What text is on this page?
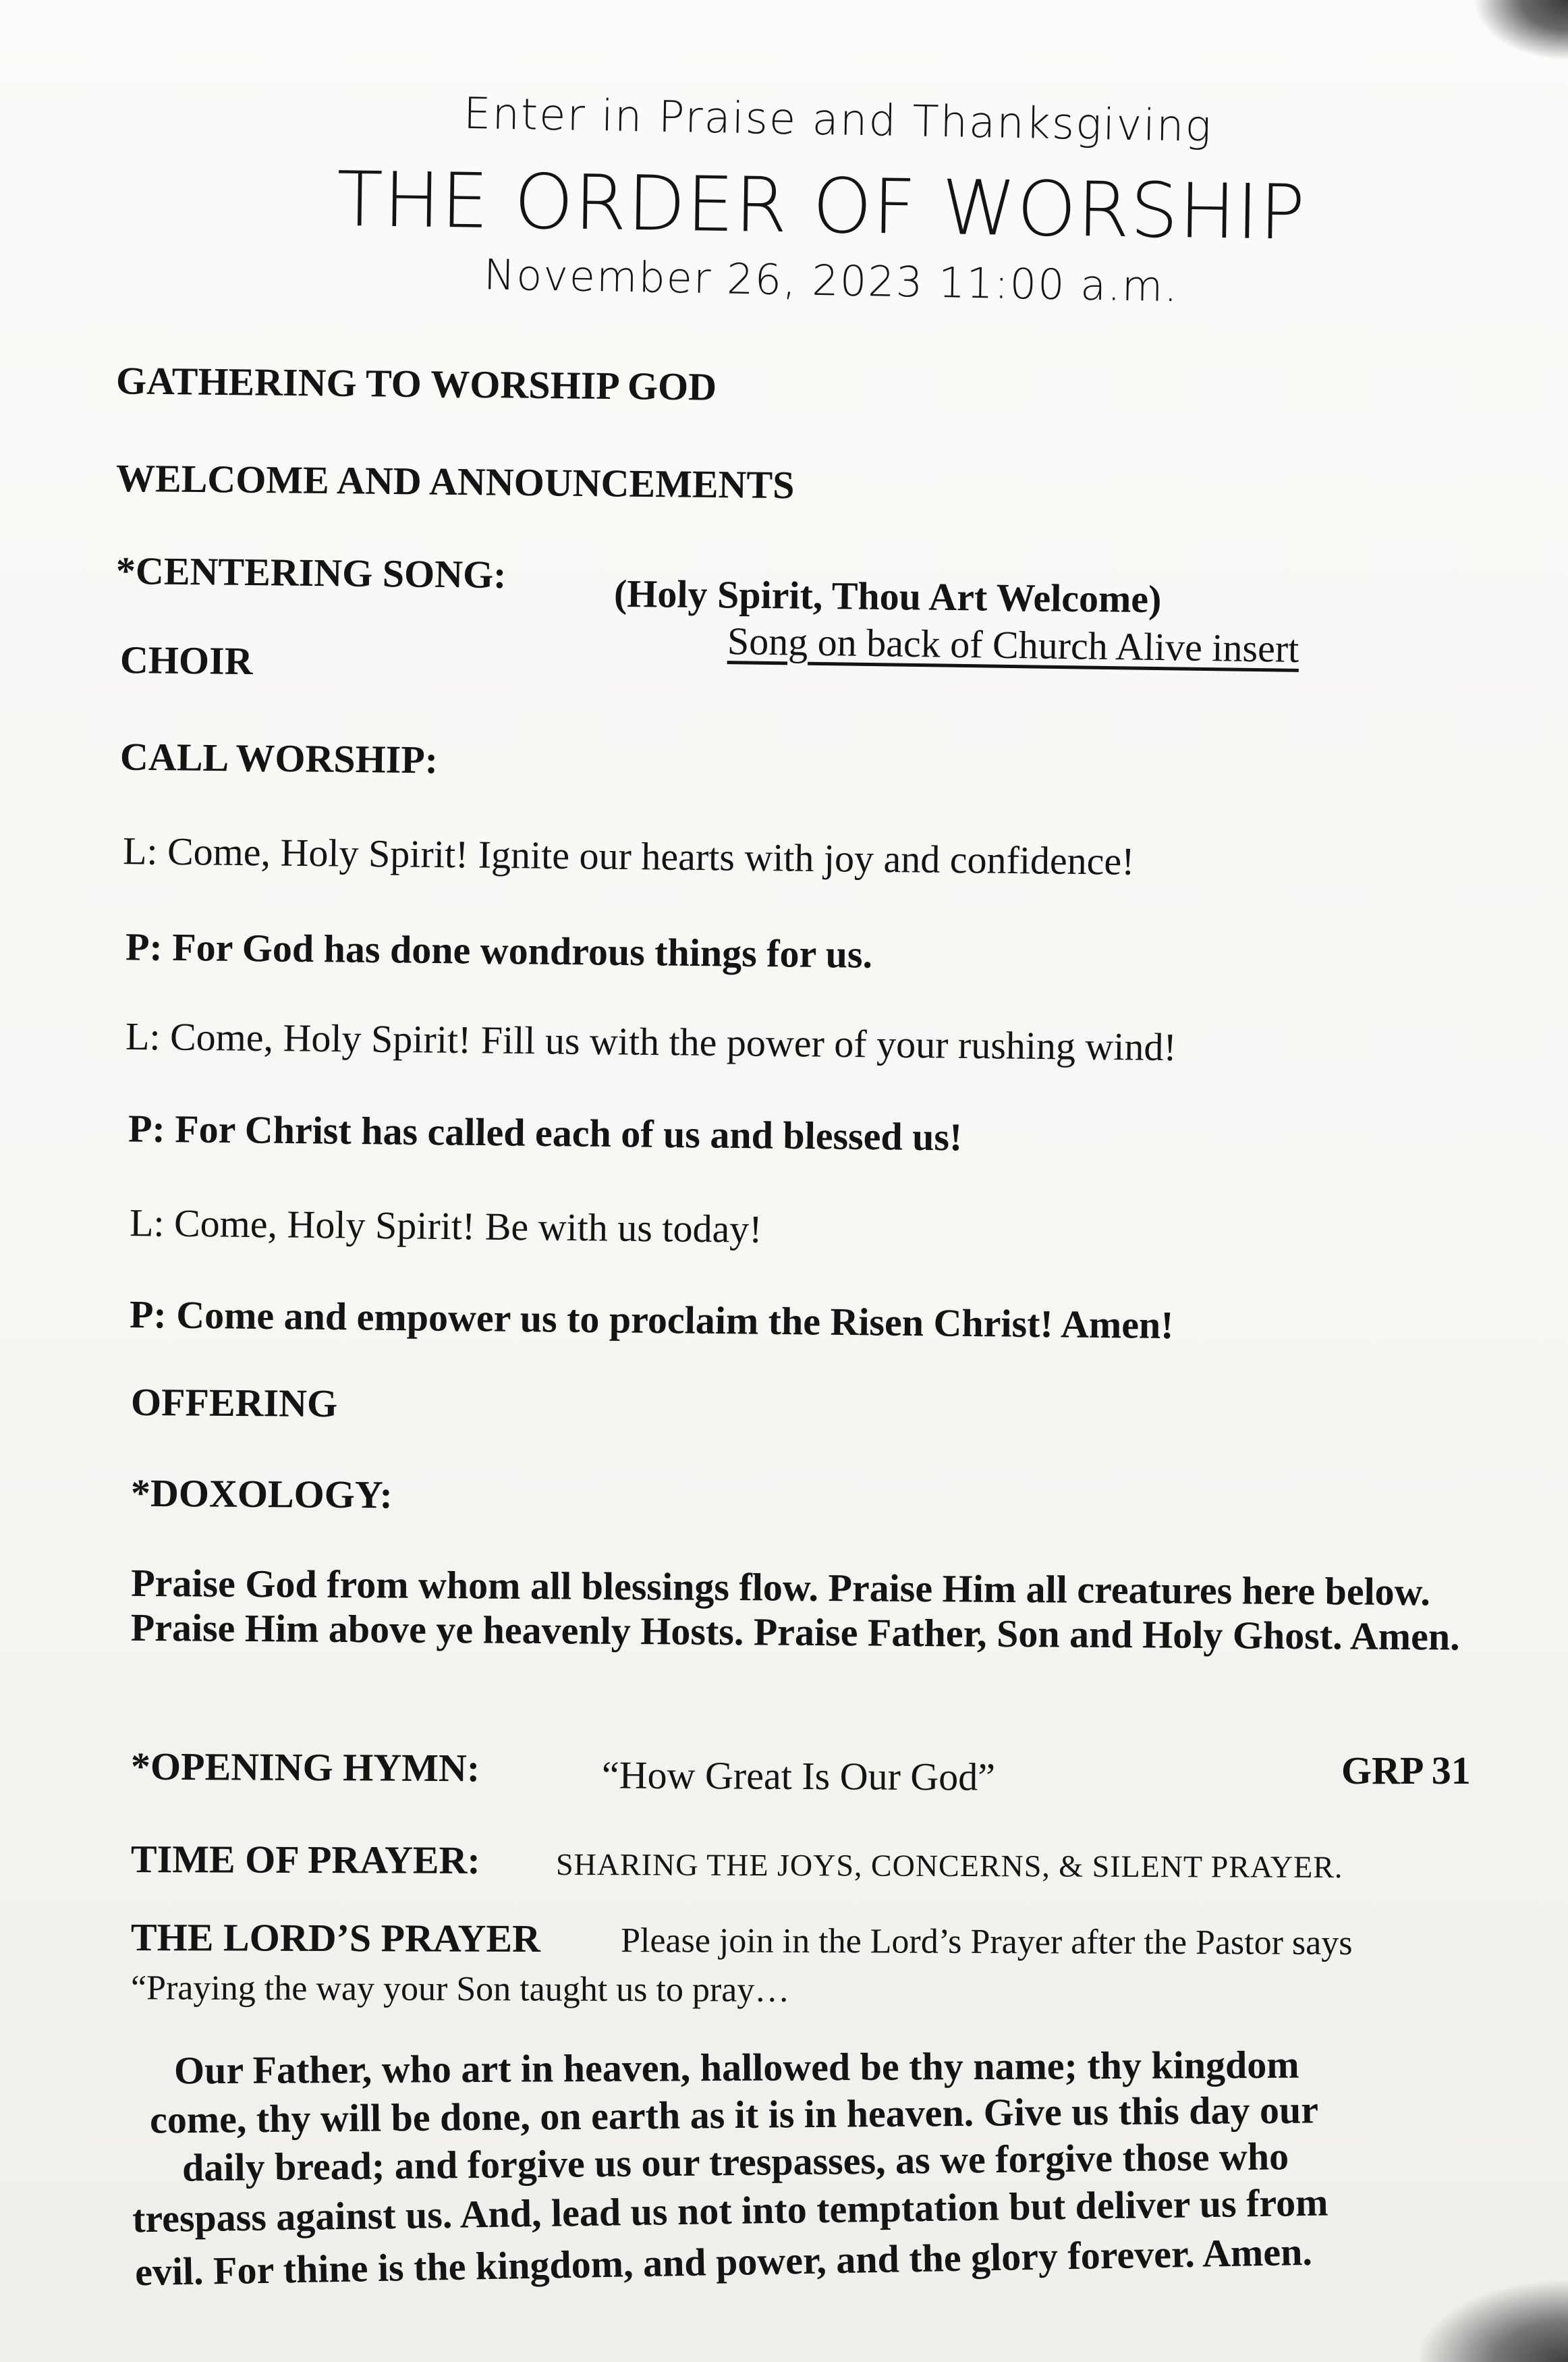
Enter in Praise and Thanksgiving
THE ORDER OF WORSHIP
November 26, 2023 11:00 a.m.
GATHERING TO WORSHIP GOD
WELCOME AND ANNOUNCEMENTS
*CENTERING SONG:	(Holy Spirit, Thou Art Welcome)
CHOIR	Song on back of Church Alive insert
CALL WORSHIP:
L: Come, Holy Spirit! Ignite our hearts with joy and confidence!
P: For God has done wondrous things for us.
L: Come, Holy Spirit! Fill us with the power of your rushing wind!
P: For Christ has called each of us and blessed us!
L: Come, Holy Spirit! Be with us today!
P: Come and empower us to proclaim the Risen Christ! Amen!
OFFERING
*DOXOLOGY:
Praise God from whom all blessings flow. Praise Him all creatures here below. Praise Him above ye heavenly Hosts. Praise Father, Son and Holy Ghost. Amen.
*OPENING HYMN:	“How Great Is Our God”	GRP 31
TIME OF PRAYER: SHARING THE JOYS, CONCERNS, & SILENT PRAYER.
THE LORD’S PRAYER Please join in the Lord’s Prayer after the Pastor says
“Praying the way your Son taught us to pray…
Our Father, who art in heaven, hallowed be thy name; thy kingdom
come, thy will be done, on earth as it is in heaven. Give us this day our
daily bread; and forgive us our trespasses, as we forgive those who
trespass against us. And, lead us not into temptation but deliver us from
evil. For thine is the kingdom, and power, and the glory forever. Amen.
